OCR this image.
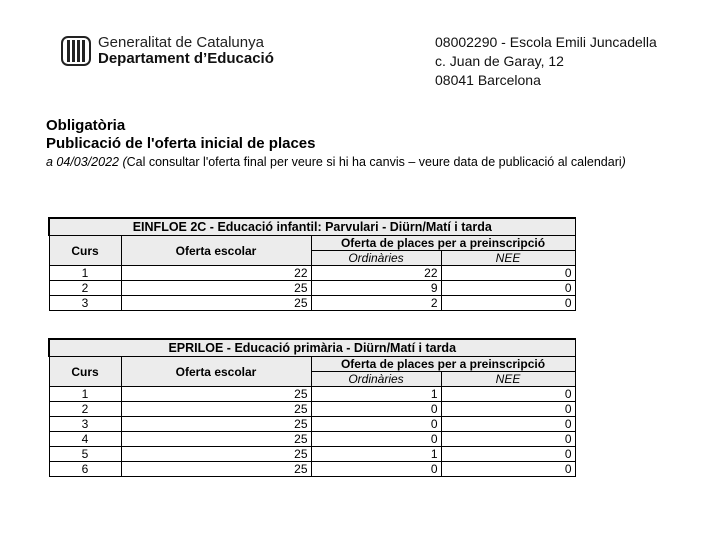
Generalitat de Catalunya
Departament d’Educació
08002290 - Escola Emili Juncadella
c. Juan de Garay, 12
08041 Barcelona
Obligatòria
Publicació de l'oferta inicial de places
a 04/03/2022 (Cal consultar l'oferta final per veure si hi ha canvis – veure data de publicació al calendari)
EINFLOE 2C - Educació infantil: Parvulari - Diürn/Matí i tarda			
Curs	Oferta escolar	Oferta de places per a preinscripció	
		Ordinàries	NEE
1	22	22	0
2	25	9	0
3	25	2	0
EPRILOE - Educació primària - Diürn/Matí i tarda			
Curs	Oferta escolar	Oferta de places per a preinscripció	
		Ordinàries	NEE
1	25	1	0
2	25	0	0
3	25	0	0
4	25	0	0
5	25	1	0
6	25	0	0
